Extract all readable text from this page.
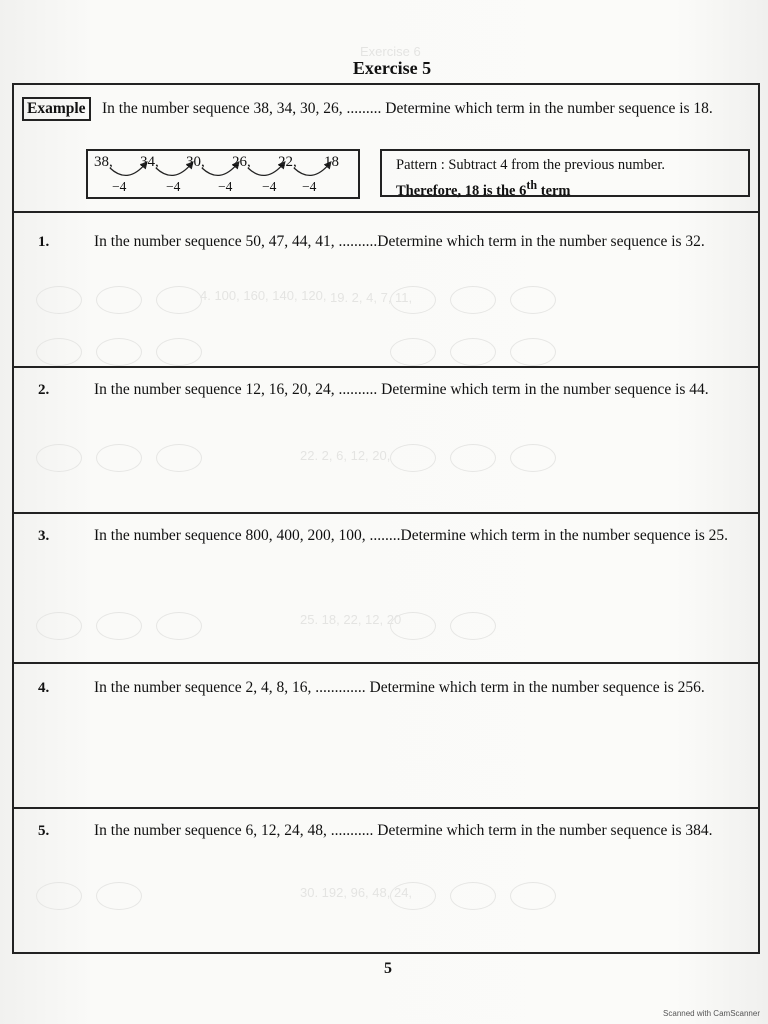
Exercise 6
4. 100, 160, 140, 120, 19. 2, 4, 7, 11,
22. 2, 6, 12, 20,
25. 18, 22, 12, 20
30. 192, 96, 48, 24,
Exercise 5
Example	In the number sequence 38, 34, 30, 26, ......... Determine which term in the number sequence is 18.
38, 34, 30, 26, 22, 18
−4	−4	−4 −4 −4
Pattern : Subtract 4 from the previous number.
Therefore, 18 is the 6th term
1.	In the number sequence 50, 47, 44, 41, ..........Determine which term in the number sequence is 32.
2.	In the number sequence 12, 16, 20, 24, .......... Determine which term in the number sequence is 44.
3.	In the number sequence 800, 400, 200, 100, ........Determine which term in the number sequence is 25.
4.	In the number sequence 2, 4, 8, 16, ............. Determine which term in the number sequence is 256.
5.	In the number sequence 6, 12, 24, 48, ........... Determine which term in the number sequence is 384.
5
Scanned with CamScanner
